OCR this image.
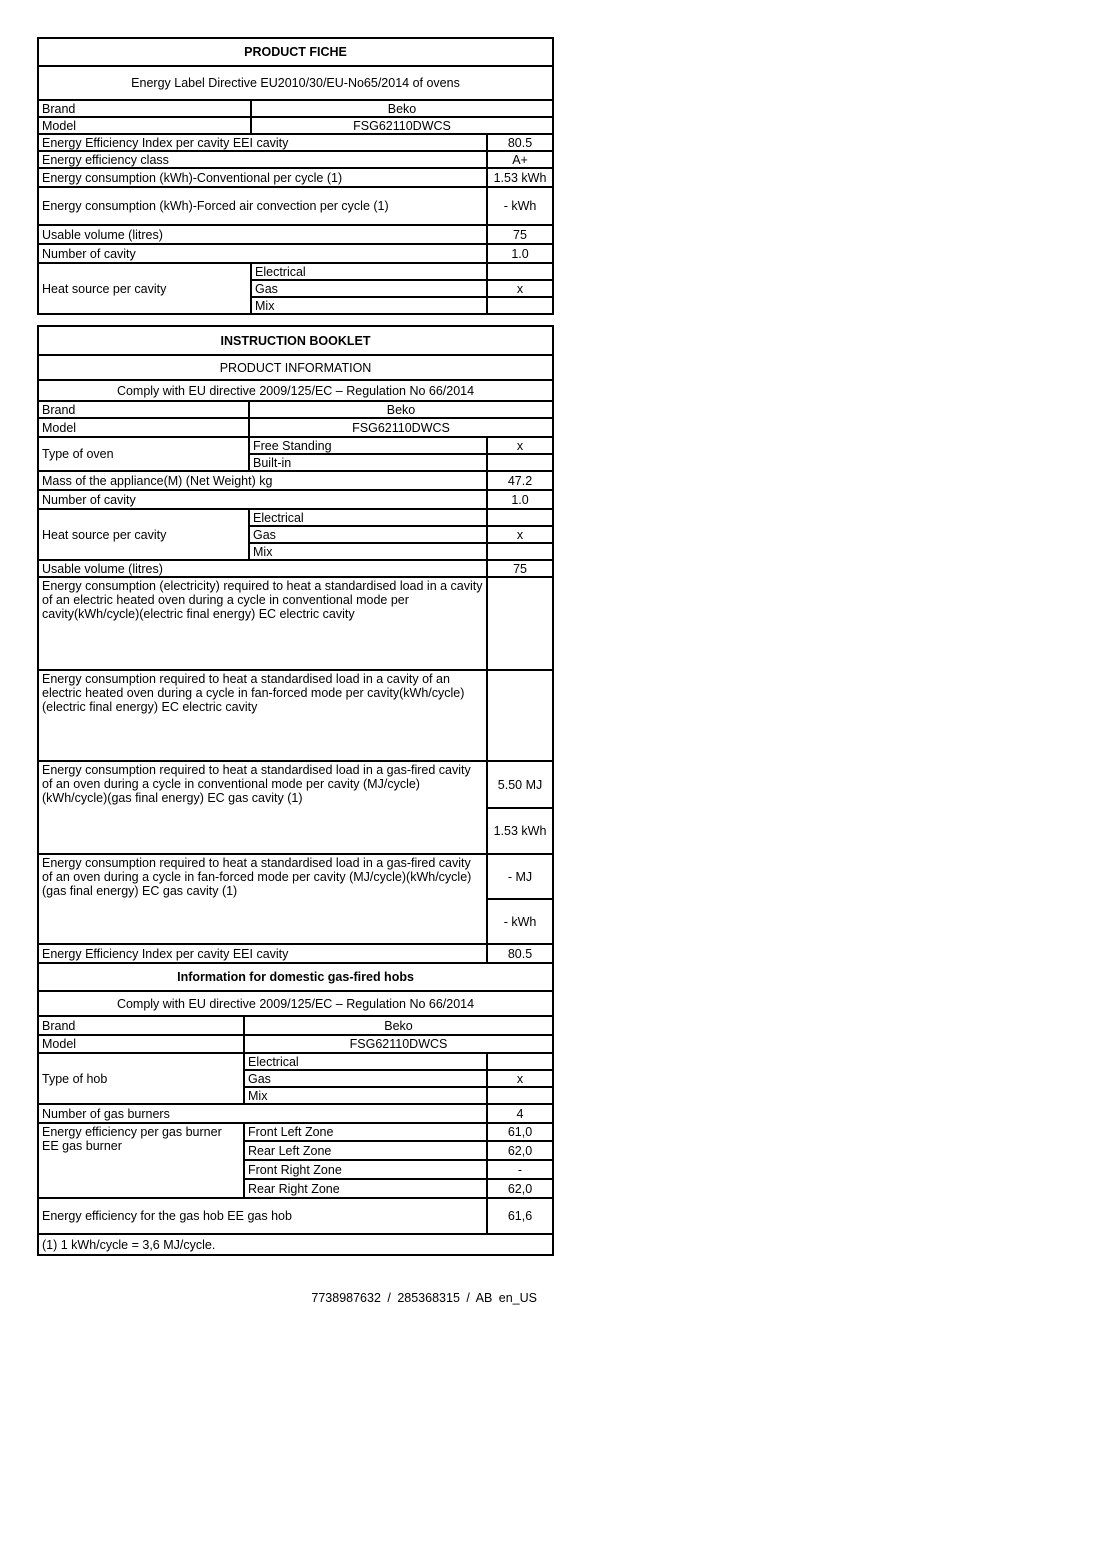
PRODUCT FICHE		
Energy Label Directive EU2010/30/EU-No65/2014 of ovens		
Brand	Beko	
Model	FSG62110DWCS	
Energy Efficiency Index per cavity EEI cavity		80.5
Energy efficiency class		A+
Energy consumption (kWh)-Conventional per cycle (1)		1.53 kWh
Energy consumption (kWh)-Forced air convection per cycle (1)		- kWh
Usable volume (litres)		75
Number of cavity		1.0
Heat source per cavity	Electrical	
	Gas	x
	Mix	
INSTRUCTION BOOKLET		
PRODUCT INFORMATION		
Comply with EU directive 2009/125/EC – Regulation No 66/2014		
Brand	Beko	
Model	FSG62110DWCS	
Type of oven	Free Standing	x
	Built-in	
Mass of the appliance(M) (Net Weight) kg		47.2
Number of cavity		1.0
Heat source per cavity	Electrical	
	Gas	x
	Mix	
Usable volume (litres)		75
Energy consumption (electricity) required to heat a standardised load in a cavity of an electric heated oven during a cycle in conventional mode per cavity(kWh/cycle)(electric final energy) EC electric cavity		
Energy consumption required to heat a standardised load in a cavity of an electric heated oven during a cycle in fan-forced mode per cavity(kWh/cycle)(electric final energy) EC electric cavity		
Energy consumption required to heat a standardised load in a gas-fired cavity of an oven during a cycle in conventional mode per cavity (MJ/cycle)(kWh/cycle)(gas final energy) EC gas cavity (1)		5.50 MJ
		1.53 kWh
Energy consumption required to heat a standardised load in a gas-fired cavity of an oven during a cycle in fan-forced mode per cavity (MJ/cycle)(kWh/cycle)(gas final energy) EC gas cavity (1)		- MJ
		- kWh
Energy Efficiency Index per cavity EEI cavity		80.5
Information for domestic gas-fired hobs		
Comply with EU directive 2009/125/EC – Regulation No 66/2014		
Brand	Beko	
Model	FSG62110DWCS	
Type of hob	Electrical	
	Gas	x
	Mix	
Number of gas burners		4
Energy efficiency per gas burner EE gas burner	Front Left Zone	61,0
	Rear Left Zone	62,0
	Front Right Zone	-
	Rear Right Zone	62,0
Energy efficiency for the gas hob EE gas hob		61,6
(1) 1 kWh/cycle = 3,6 MJ/cycle.		
7738987632 / 285368315 / AB en_US
